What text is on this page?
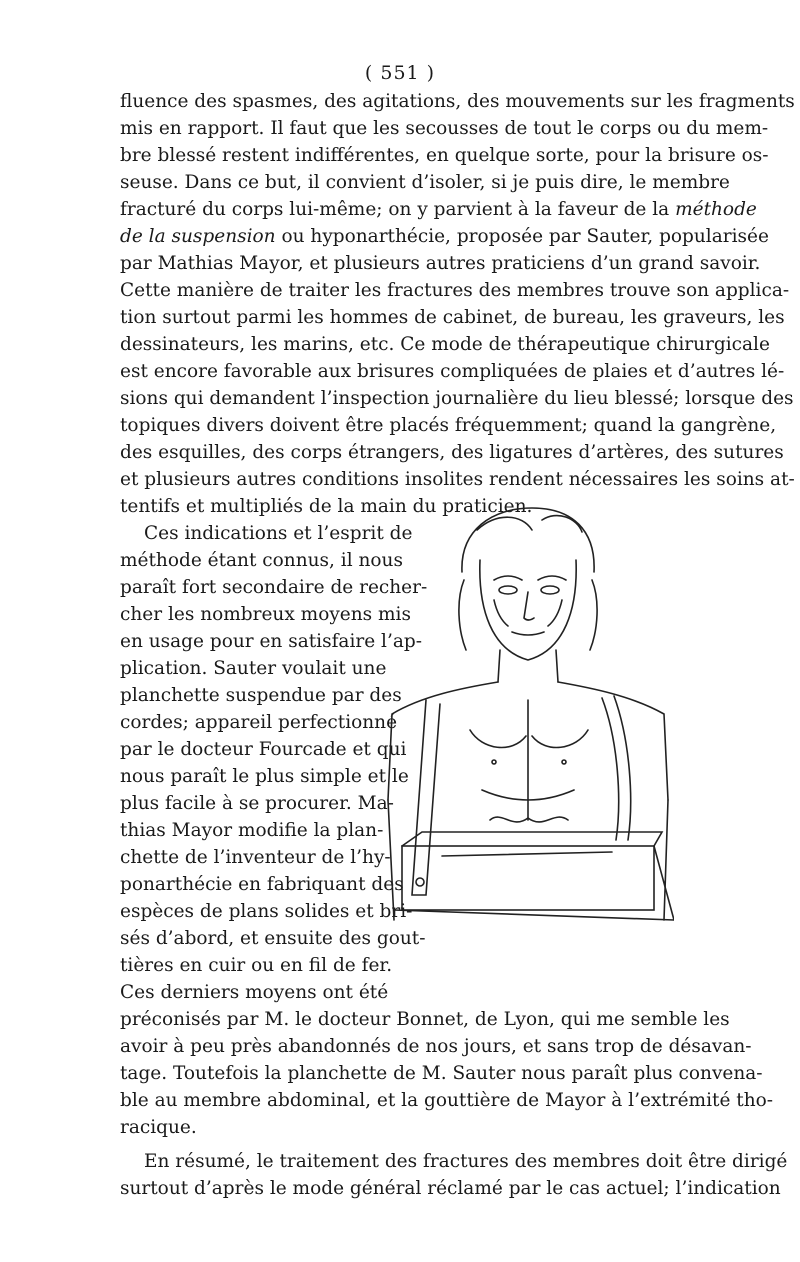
( 551 )
fluence des spasmes, des agitations, des mouvements sur les fragments
mis en rapport. Il faut que les secousses de tout le corps ou du mem-
bre blessé restent indifférentes, en quelque sorte, pour la brisure os-
seuse. Dans ce but, il convient d’isoler, si je puis dire, le membre
fracturé du corps lui-même; on y parvient à la faveur de la méthode
de la suspension ou hyponarthécie, proposée par Sauter, popularisée
par Mathias Mayor, et plusieurs autres praticiens d’un grand savoir.
Cette manière de traiter les fractures des membres trouve son applica-
tion surtout parmi les hommes de cabinet, de bureau, les graveurs, les
dessinateurs, les marins, etc. Ce mode de thérapeutique chirurgicale
est encore favorable aux brisures compliquées de plaies et d’autres lé-
sions qui demandent l’inspection journalière du lieu blessé; lorsque des
topiques divers doivent être placés fréquemment; quand la gangrène,
des esquilles, des corps étrangers, des ligatures d’artères, des sutures
et plusieurs autres conditions insolites rendent nécessaires les soins at-
tentifs et multipliés de la main du praticien.
Ces indications et l’esprit de
méthode étant connus, il nous
paraît fort secondaire de recher-
cher les nombreux moyens mis
en usage pour en satisfaire l’ap-
plication. Sauter voulait une
planchette suspendue par des
cordes; appareil perfectionné
par le docteur Fourcade et qui
nous paraît le plus simple et le
plus facile à se procurer. Ma-
thias Mayor modifie la plan-
chette de l’inventeur de l’hy-
ponarthécie en fabriquant des
espèces de plans solides et bri-
sés d’abord, et ensuite des gout-
tières en cuir ou en fil de fer.
Ces derniers moyens ont été
préconisés par M. le docteur Bonnet, de Lyon, qui me semble les
avoir à peu près abandonnés de nos jours, et sans trop de désavan-
tage. Toutefois la planchette de M. Sauter nous paraît plus convena-
ble au membre abdominal, et la gouttière de Mayor à l’extrémité tho-
racique.
En résumé, le traitement des fractures des membres doit être dirigé
surtout d’après le mode général réclamé par le cas actuel; l’indication
